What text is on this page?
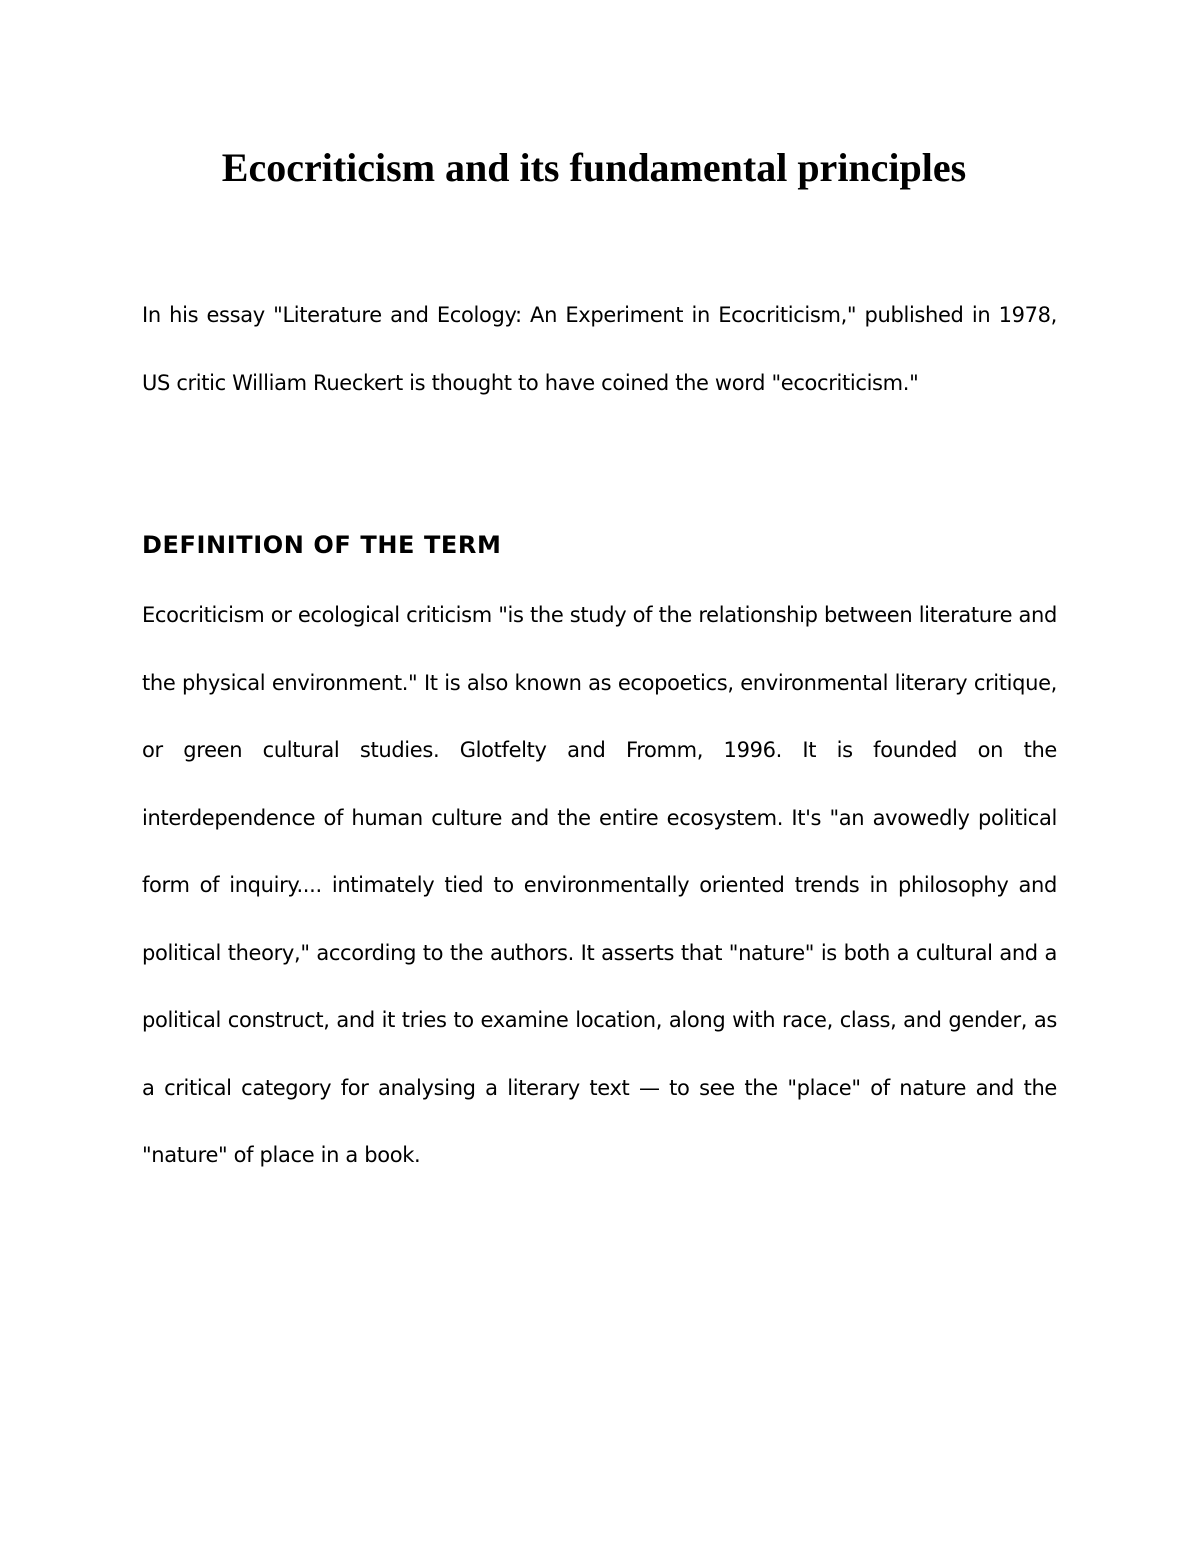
Ecocriticism and its fundamental principles

In his essay "Literature and Ecology: An Experiment in Ecocriticism," published in 1978, US critic William Rueckert is thought to have coined the word "ecocriticism."

DEFINITION OF THE TERM

Ecocriticism or ecological criticism "is the study of the relationship between literature and the physical environment." It is also known as ecopoetics, environmental literary critique, or green cultural studies. Glotfelty and Fromm, 1996. It is founded on the interdependence of human culture and the entire ecosystem. It's "an avowedly political form of inquiry.... intimately tied to environmentally oriented trends in philosophy and political theory," according to the authors. It asserts that "nature" is both a cultural and a political construct, and it tries to examine location, along with race, class, and gender, as a critical category for analysing a literary text — to see the "place" of nature and the "nature" of place in a book.
